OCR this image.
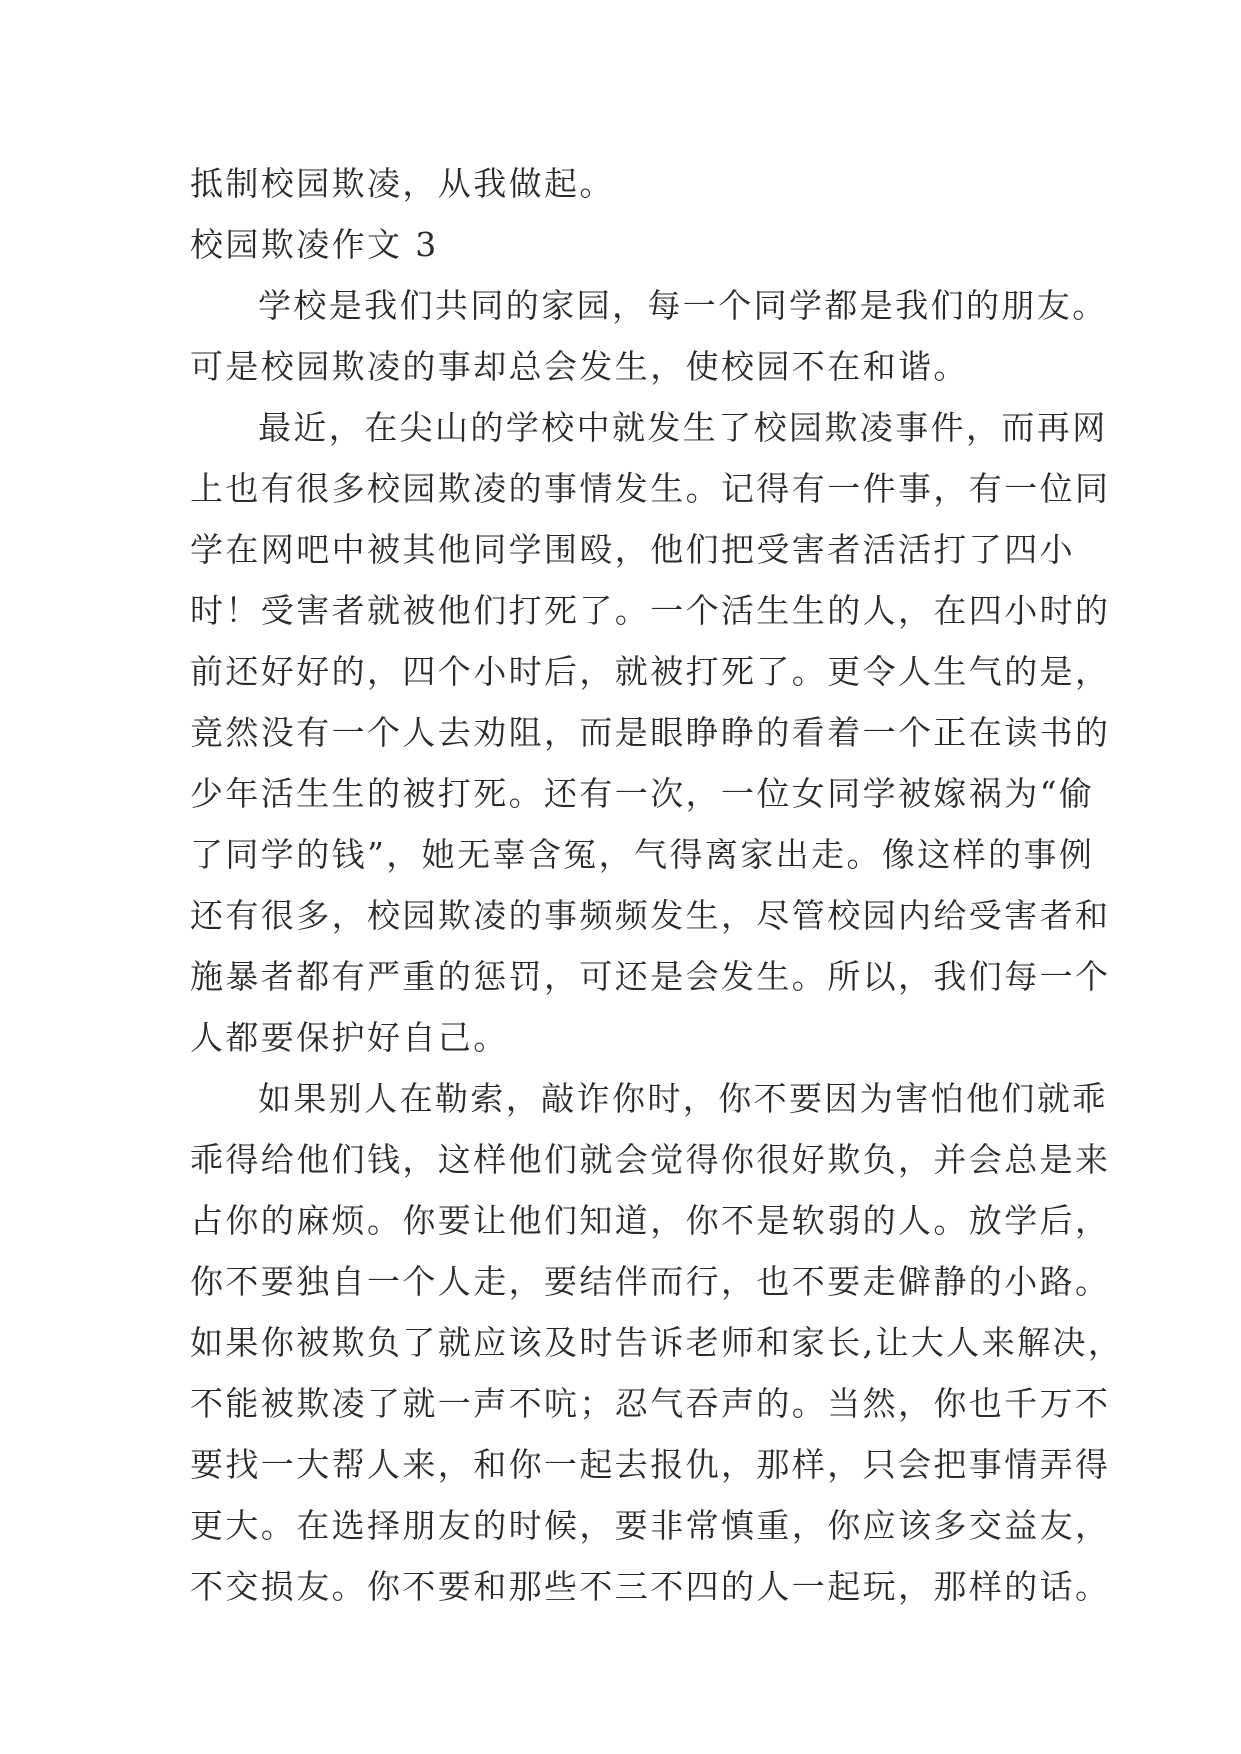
抵制校园欺凌，从我做起。
校园欺凌作文 3
学校是我们共同的家园，每一个同学都是我们的朋友。
可是校园欺凌的事却总会发生，使校园不在和谐。
最近，在尖山的学校中就发生了校园欺凌事件，而再网
上也有很多校园欺凌的事情发生。记得有一件事，有一位同
学在网吧中被其他同学围殴，他们把受害者活活打了四小
时！受害者就被他们打死了。一个活生生的人，在四小时的
前还好好的，四个小时后，就被打死了。更令人生气的是，
竟然没有一个人去劝阻，而是眼睁睁的看着一个正在读书的
少年活生生的被打死。还有一次，一位女同学被嫁祸为“偷
了同学的钱”，她无辜含冤，气得离家出走。像这样的事例
还有很多，校园欺凌的事频频发生，尽管校园内给受害者和
施暴者都有严重的惩罚，可还是会发生。所以，我们每一个
人都要保护好自己。
如果别人在勒索，敲诈你时，你不要因为害怕他们就乖
乖得给他们钱，这样他们就会觉得你很好欺负，并会总是来
占你的麻烦。你要让他们知道，你不是软弱的人。放学后，
你不要独自一个人走，要结伴而行，也不要走僻静的小路。
如果你被欺负了就应该及时告诉老师和家长,让大人来解决，
不能被欺凌了就一声不吭；忍气吞声的。当然，你也千万不
要找一大帮人来，和你一起去报仇，那样，只会把事情弄得
更大。在选择朋友的时候，要非常慎重，你应该多交益友，
不交损友。你不要和那些不三不四的人一起玩，那样的话。
